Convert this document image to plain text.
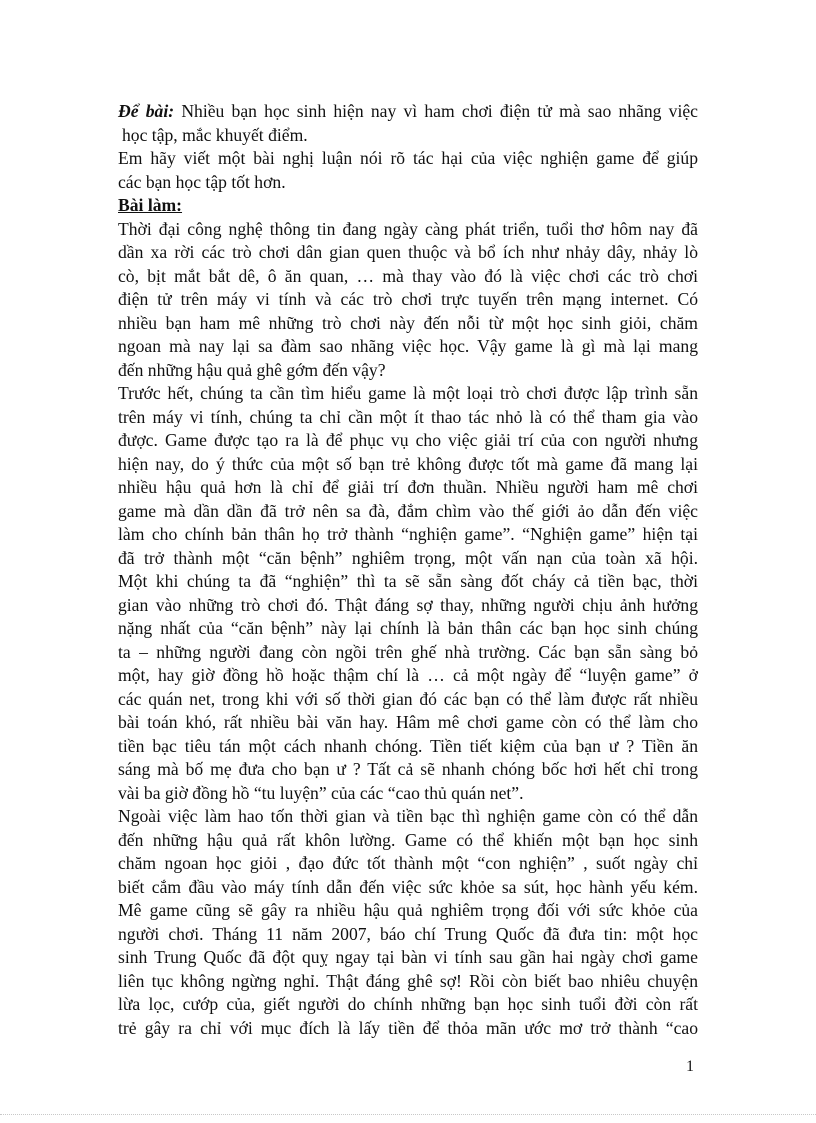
Để bài: Nhiều bạn học sinh hiện nay vì ham chơi điện tử mà sao nhãng việc
học tập, mắc khuyết điểm.
Em hãy viết một bài nghị luận nói rõ tác hại của việc nghiện game để giúp
các bạn học tập tốt hơn.
Bài làm:
Thời đại công nghệ thông tin đang ngày càng phát triển, tuổi thơ hôm nay đã
dần xa rời các trò chơi dân gian quen thuộc và bổ ích như nhảy dây, nhảy lò
cò, bịt mắt bắt dê, ô ăn quan, … mà thay vào đó là việc chơi các trò chơi
điện tử trên máy vi tính và các trò chơi trực tuyến trên mạng internet. Có
nhiều bạn ham mê những trò chơi này đến nỗi từ một học sinh giỏi, chăm
ngoan mà nay lại sa đàm sao nhãng việc học. Vậy game là gì mà lại mang
đến những hậu quả ghê gớm đến vậy?
Trước hết, chúng ta cần tìm hiểu game là một loại trò chơi được lập trình sẵn
trên máy vi tính, chúng ta chỉ cần một ít thao tác nhỏ là có thể tham gia vào
được. Game được tạo ra là để phục vụ cho việc giải trí của con người nhưng
hiện nay, do ý thức của một số bạn trẻ không được tốt mà game đã mang lại
nhiều hậu quả hơn là chỉ để giải trí đơn thuần. Nhiều người ham mê chơi
game mà dần dần đã trở nên sa đà, đắm chìm vào thế giới ảo dẫn đến việc
làm cho chính bản thân họ trở thành “nghiện game”. “Nghiện game” hiện tại
đã trở thành một “căn bệnh” nghiêm trọng, một vấn nạn của toàn xã hội.
Một khi chúng ta đã “nghiện” thì ta sẽ sẵn sàng đốt cháy cả tiền bạc, thời
gian vào những trò chơi đó. Thật đáng sợ thay, những người chịu ảnh hưởng
nặng nhất của “căn bệnh” này lại chính là bản thân các bạn học sinh chúng
ta – những người đang còn ngồi trên ghế nhà trường. Các bạn sẵn sàng bỏ
một, hay giờ đồng hồ hoặc thậm chí là … cả một ngày để “luyện game” ở
các quán net, trong khi với số thời gian đó các bạn có thể làm được rất nhiều
bài toán khó, rất nhiều bài văn hay. Hâm mê chơi game còn có thể làm cho
tiền bạc tiêu tán một cách nhanh chóng. Tiền tiết kiệm của bạn ư ? Tiền ăn
sáng mà bố mẹ đưa cho bạn ư ? Tất cả sẽ nhanh chóng bốc hơi hết chỉ trong
vài ba giờ đồng hồ “tu luyện” của các “cao thủ quán net”.
Ngoài việc làm hao tốn thời gian và tiền bạc thì nghiện game còn có thể dẫn
đến những hậu quả rất khôn lường. Game có thể khiến một bạn học sinh
chăm ngoan học giỏi , đạo đức tốt thành một “con nghiện” , suốt ngày chỉ
biết cắm đầu vào máy tính dẫn đến việc sức khỏe sa sút, học hành yếu kém.
Mê game cũng sẽ gây ra nhiều hậu quả nghiêm trọng đối với sức khỏe của
người chơi. Tháng 11 năm 2007, báo chí Trung Quốc đã đưa tin: một học
sinh Trung Quốc đã đột quỵ ngay tại bàn vi tính sau gần hai ngày chơi game
liên tục không ngừng nghỉ. Thật đáng ghê sợ! Rồi còn biết bao nhiêu chuyện
lừa lọc, cướp của, giết người do chính những bạn học sinh tuổi đời còn rất
trẻ gây ra chỉ với mục đích là lấy tiền để thỏa mãn ước mơ trở thành “cao
1
